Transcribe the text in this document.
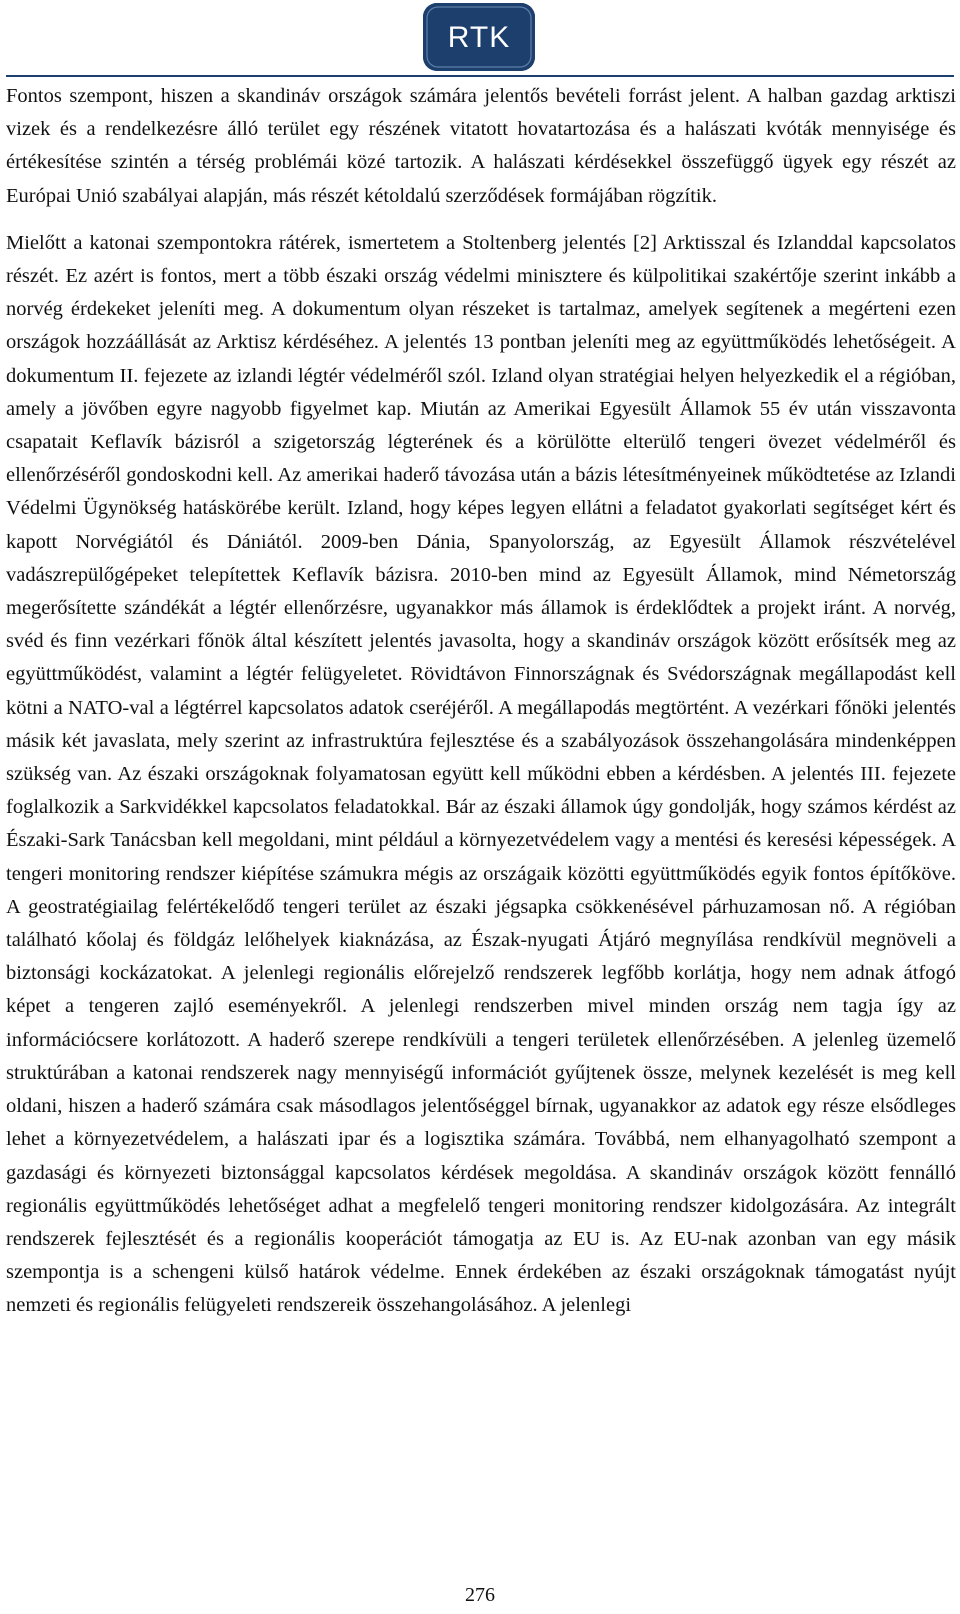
RTK

Fontos szempont, hiszen a skandináv országok számára jelentős bevételi forrást jelent. A halban gazdag arktiszi vizek és a rendelkezésre álló terület egy részének vitatott hovatartozása és a halászati kvóták mennyisége és értékesítése szintén a térség problémái közé tartozik. A halászati kérdésekkel összefüggő ügyek egy részét az Európai Unió szabályai alapján, más részét kétoldalú szerződések formájában rögzítik.

Mielőtt a katonai szempontokra rátérek, ismertetem a Stoltenberg jelentés [2] Arktisszal és Izlanddal kapcsolatos részét. Ez azért is fontos, mert a több északi ország védelmi minisztere és külpolitikai szakértője szerint inkább a norvég érdekeket jeleníti meg. A dokumentum olyan részeket is tartalmaz, amelyek segítenek a megérteni ezen országok hozzáállását az Arktisz kérdéséhez. A jelentés 13 pontban jeleníti meg az együttműködés lehetőségeit. A dokumentum II. fejezete az izlandi légtér védelméről szól. Izland olyan stratégiai helyen helyezkedik el a régióban, amely a jövőben egyre nagyobb figyelmet kap. Miután az Amerikai Egyesült Államok 55 év után visszavonta csapatait Keflavík bázisról a szigetország légterének és a körülötte elterülő tengeri övezet védelméről és ellenőrzéséről gondoskodni kell. Az amerikai haderő távozása után a bázis létesítményeinek működtetése az Izlandi Védelmi Ügynökség hatáskörébe került. Izland, hogy képes legyen ellátni a feladatot gyakorlati segítséget kért és kapott Norvégiától és Dániától. 2009-ben Dánia, Spanyolország, az Egyesült Államok részvételével vadászrepülőgépeket telepítettek Keflavík bázisra. 2010-ben mind az Egyesült Államok, mind Németország megerősítette szándékát a légtér ellenőrzésre, ugyanakkor más államok is érdeklődtek a projekt iránt. A norvég, svéd és finn vezérkari főnök által készített jelentés javasolta, hogy a skandináv országok között erősítsék meg az együttműködést, valamint a légtér felügyeletet. Rövidtávon Finnországnak és Svédországnak megállapodást kell kötni a NATO-val a légtérrel kapcsolatos adatok cseréjéről. A megállapodás megtörtént. A vezérkari főnöki jelentés másik két javaslata, mely szerint az infrastruktúra fejlesztése és a szabályozások összehangolására mindenképpen szükség van. Az északi országoknak folyamatosan együtt kell működni ebben a kérdésben. A jelentés III. fejezete foglalkozik a Sarkvidékkel kapcsolatos feladatokkal. Bár az északi államok úgy gondolják, hogy számos kérdést az Északi-Sark Tanácsban kell megoldani, mint például a környezetvédelem vagy a mentési és keresési képességek. A tengeri monitoring rendszer kiépítése számukra mégis az országaik közötti együttműködés egyik fontos építőköve. A geostratégiailag felértékelődő tengeri terület az északi jégsapka csökkenésével párhuzamosan nő. A régióban található kőolaj és földgáz lelőhelyek kiaknázása, az Észak-nyugati Átjáró megnyílása rendkívül megnöveli a biztonsági kockázatokat. A jelenlegi regionális előrejelző rendszerek legfőbb korlátja, hogy nem adnak átfogó képet a tengeren zajló eseményekről. A jelenlegi rendszerben mivel minden ország nem tagja így az információcsere korlátozott. A haderő szerepe rendkívüli a tengeri területek ellenőrzésében. A jelenleg üzemelő struktúrában a katonai rendszerek nagy mennyiségű információt gyűjtenek össze, melynek kezelését is meg kell oldani, hiszen a haderő számára csak másodlagos jelentőséggel bírnak, ugyanakkor az adatok egy része elsődleges lehet a környezetvédelem, a halászati ipar és a logisztika számára. Továbbá, nem elhanyagolható szempont a gazdasági és környezeti biztonsággal kapcsolatos kérdések megoldása. A skandináv országok között fennálló regionális együttműködés lehetőséget adhat a megfelelő tengeri monitoring rendszer kidolgozására. Az integrált rendszerek fejlesztését és a regionális kooperációt támogatja az EU is. Az EU-nak azonban van egy másik szempontja is a schengeni külső határok védelme. Ennek érdekében az északi országoknak támogatást nyújt nemzeti és regionális felügyeleti rendszereik összehangolásához. A jelenlegi

276
